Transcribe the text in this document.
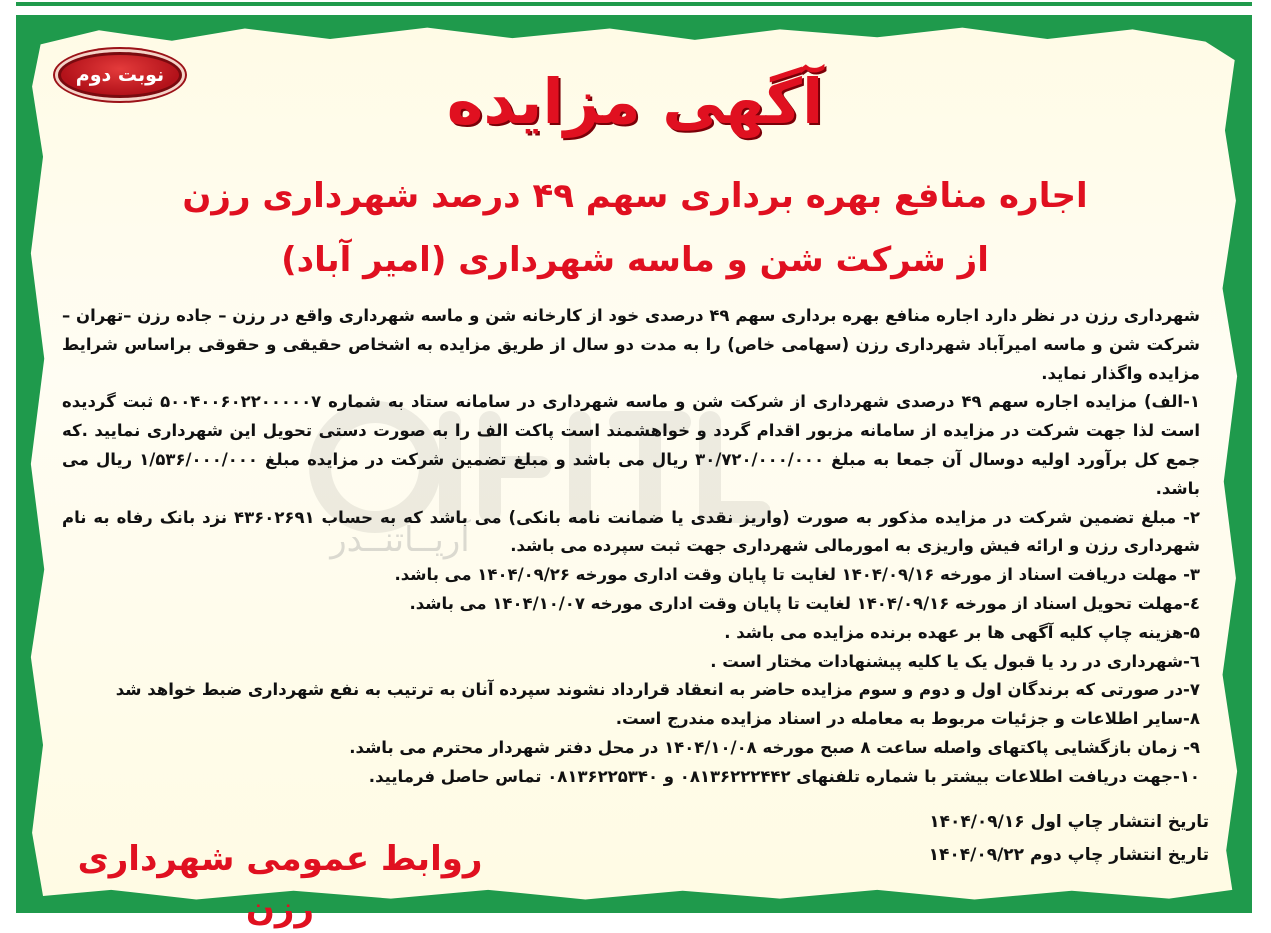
آریــاتنــدر
نوبت دوم	آگهی مزایده
اجاره منافع بهره برداری سهم ۴۹ درصد شهرداری رزن
از شرکت شن و ماسه شهرداری (امیر آباد)

شهرداری رزن در نظر دارد اجاره منافع بهره برداری سهم ۴۹ درصدی خود از کارخانه شن و ماسه شهرداری واقع در رزن – جاده رزن –تهران –شرکت شن و ماسه امیرآباد شهرداری رزن (سهامی خاص) را به مدت دو سال از طریق مزایده به اشخاص حقیقی و حقوقی براساس شرایط مزایده واگذار نماید.

۱-الف) مزایده اجاره سهم ۴۹ درصدی شهرداری از شرکت شن و ماسه شهرداری در سامانه ستاد به شماره ۵۰۰۴۰۰۶۰۲۲۰۰۰۰۰۷ ثبت گردیده است لذا جهت شرکت در مزایده از سامانه مزبور اقدام گردد و خواهشمند است پاکت الف را به صورت دستی تحویل این شهرداری نمایید .که جمع کل برآورد اولیه دوسال آن جمعا به مبلغ ۳۰/۷۲۰/۰۰۰/۰۰۰ ریال می باشد و مبلغ تضمین شرکت در مزایده مبلغ ۱/۵۳۶/۰۰۰/۰۰۰ ریال می باشد.

۲- مبلغ تضمین شرکت در مزایده مذکور به صورت (واریز نقدی یا ضمانت نامه بانکی) می باشد که به حساب ۴۳۶۰۲۶۹۱ نزد بانک رفاه به نام شهرداری رزن و ارائه فیش واریزی به امورمالی شهرداری جهت ثبت سپرده می باشد.

۳- مهلت دریافت اسناد از مورخه ۱۴۰۴/۰۹/۱۶ لغایت تا پایان وقت اداری مورخه ۱۴۰۴/۰۹/۲۶ می باشد.

٤-مهلت تحویل اسناد از مورخه ۱۴۰۴/۰۹/۱۶ لغایت تا پایان وقت اداری مورخه ۱۴۰۴/۱۰/۰۷ می باشد.

۵-هزینه چاپ کلیه آگهی ها بر عهده برنده مزایده می باشد .

٦-شهرداری در رد یا قبول یک یا کلیه پیشنهادات مختار است .

۷-در صورتی که برندگان اول و دوم و سوم مزایده حاضر به انعقاد قرارداد نشوند سپرده آنان به ترتیب به نفع شهرداری ضبط خواهد شد

۸-سایر اطلاعات و جزئیات مربوط به معامله در اسناد مزایده مندرج است.

۹- زمان بازگشایی پاکتهای واصله ساعت ۸ صبح مورخه ۱۴۰۴/۱۰/۰۸ در محل دفتر شهردار محترم می باشد.

۱۰-جهت دریافت اطلاعات بیشتر با شماره تلفنهای ۰۸۱۳۶۲۲۲۴۴۲ و ۰۸۱۳۶۲۲۵۳۴۰ تماس حاصل فرمایید.

تاریخ انتشار چاپ اول ۱۴۰۴/۰۹/۱۶
تاریخ انتشار چاپ دوم ۱۴۰۴/۰۹/۲۲
روابط عمومی شهرداری رزن
